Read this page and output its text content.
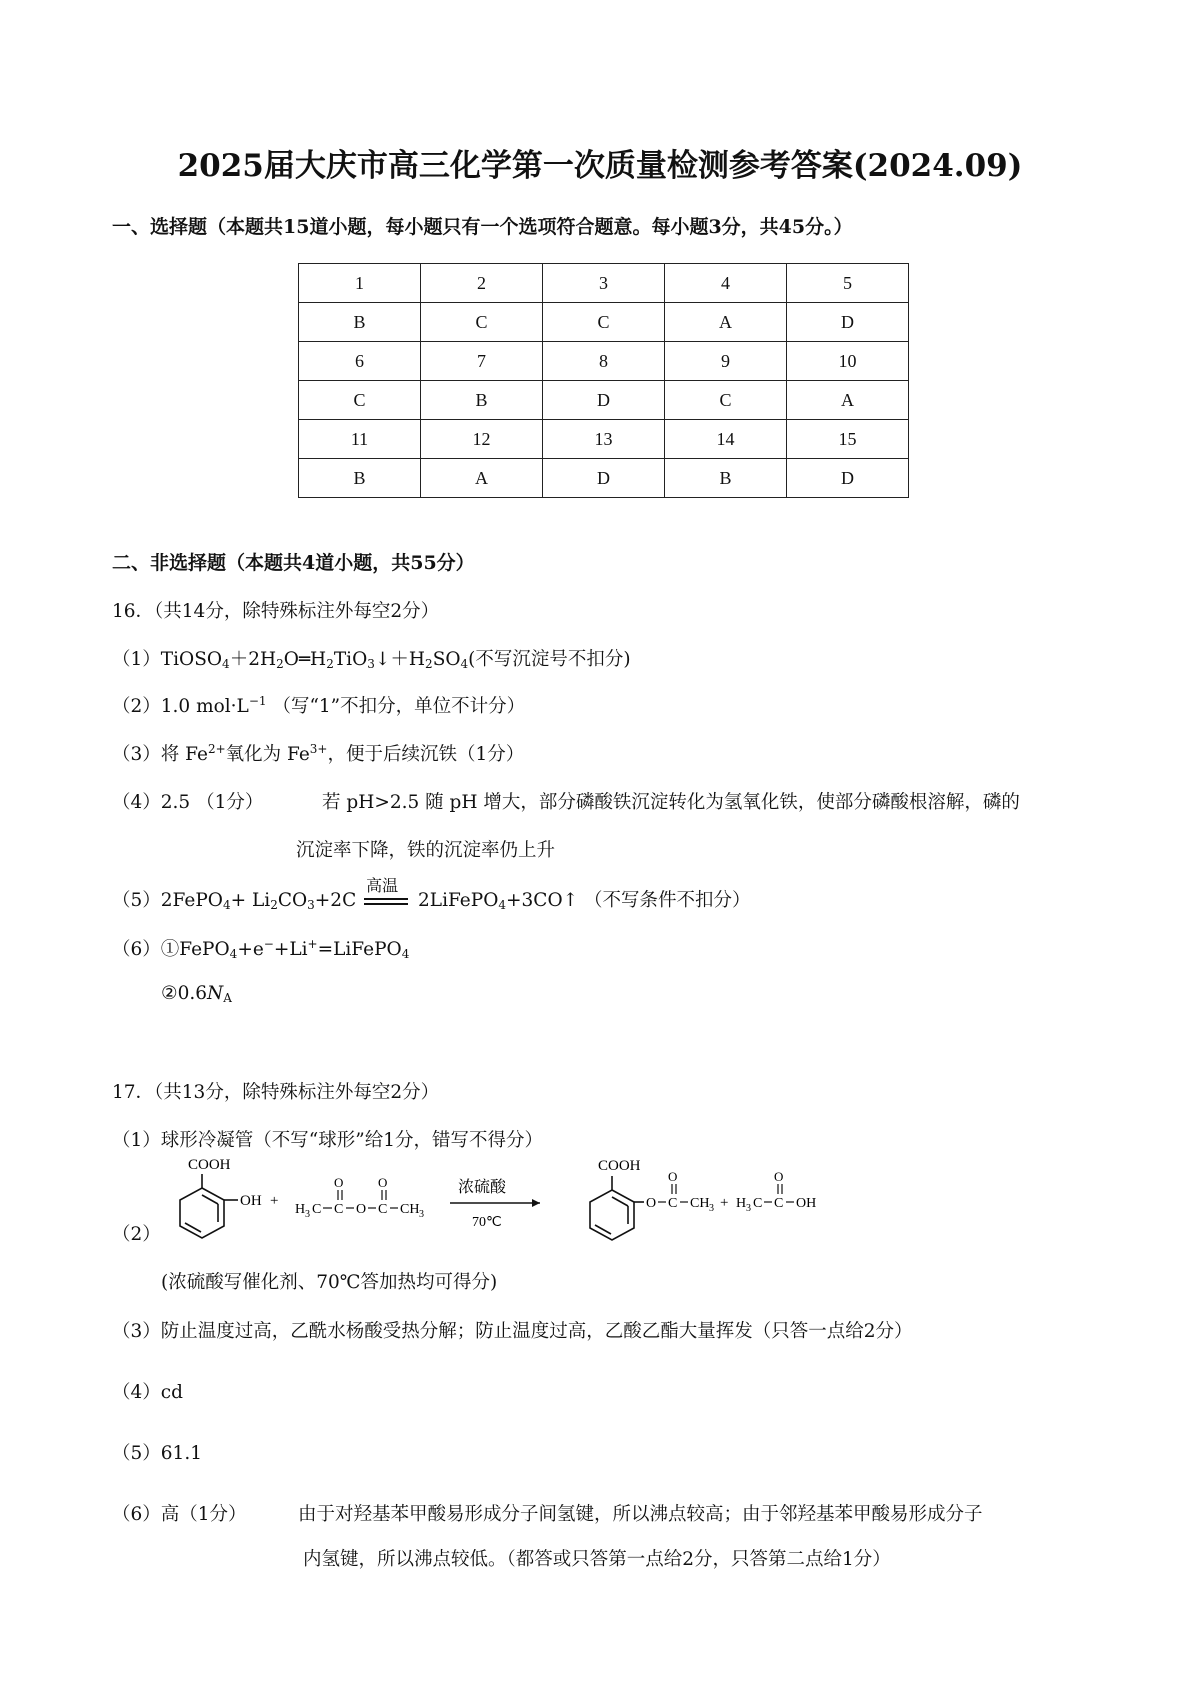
2025届大庆市高三化学第一次质量检测参考答案(2024.09)
一、选择题（本题共15道小题，每小题只有一个选项符合题意。每小题3分，共45分。）
1	2	3	4	5
B	C	C	A	D
6	7	8	9	10
C	B	D	C	A
11	12	13	14	15
B	A	D	B	D
二、非选择题（本题共4道小题，共55分）
16．（共14分，除特殊标注外每空2分）
$(1)TiOSO_4+2H_2O═H_2TiO_3↓+H_2SO_4$(不写沉淀号不扣分)
（2）1.0 $mol\cdot L^{-1}$ （写“1”不扣分，单位不计分）
（3）将 $Fe^{2+}$氧化为 $Fe^{3+}$，便于后续沉铁（1分）
（4）2.5 （1分）	若 pH>2.5 随 pH 增大，部分磷酸铁沉淀转化为氢氧化铁，使部分磷酸根溶解，磷的
沉淀率下降，铁的沉淀率仍上升
（5）2FePO$_4$+ $Li_2CO_3+2C$
高温
2LiFePO$_4$+3CO↑ （不写条件不扣分）
（6）①FePO$_4$+e−+Li+=LiFePO$_4$
$②0.6N_A$
17．（共13分，除特殊标注外每空2分）
（1）球形冷凝管（不写“球形”给1分，错写不得分）
（2）
COOH
OH +
H 3 C C
O
O C
O
CH 3
浓硫酸
70℃
COOH
O C
O
CH 3 + H 3 C C
O
OH
(浓硫酸写催化剂、70℃答加热均可得分)
（3）防止温度过高，乙酰水杨酸受热分解；防止温度过高，乙酸乙酯大量挥发（只答一点给2分）
（4）cd
（5）61.1
（6）高（1分）	由于对羟基苯甲酸易形成分子间氢键，所以沸点较高；由于邻羟基苯甲酸易形成分子
内氢键，所以沸点较低。（都答或只答第一点给2分，只答第二点给1分）
